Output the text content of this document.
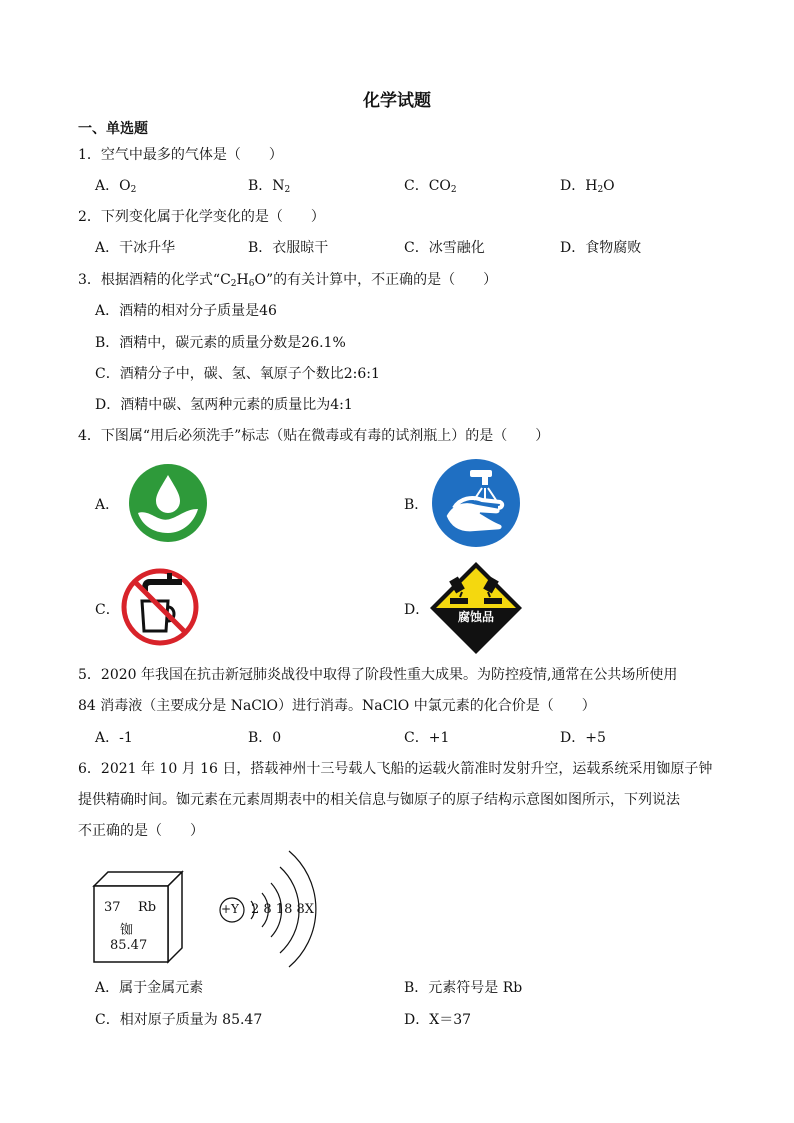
化学试题
一、单选题
1．空气中最多的气体是（　　）
A．$O_2$	B．$N_2$	C．$CO_2$	D．$H_2O$
2．下列变化属于化学变化的是（　　）
A．干冰升华	B．衣服晾干	C．冰雪融化	D．食物腐败
3．根据酒精的化学式“$C_2H_6O$”的有关计算中，不正确的是（　　）
A．酒精的相对分子质量是46
B．酒精中，碳元素的质量分数是26.1%
C．酒精分子中，碳、氢、氧原子个数比2:6:1
D．酒精中碳、氢两种元素的质量比为4:1
4．下图属“用后必须洗手”标志（贴在微毒或有毒的试剂瓶上）的是（　　）
A．	B．
C．	D．	腐蚀品
5．2020 年我国在抗击新冠肺炎战役中取得了阶段性重大成果。为防控疫情,通常在公共场所使用
84 消毒液（主要成分是 NaClO）进行消毒。NaClO 中氯元素的化合价是（　　）
A．-1	B．0	C．+1	D．+5
6．2021 年 10 月 16 日，搭载神州十三号载人飞船的运载火箭准时发射升空，运载系统采用铷原子钟
提供精确时间。铷元素在元素周期表中的相关信息与铷原子的原子结构示意图如图所示，下列说法
不正确的是（　　）
37 Rb
铷
85.47
+Y 2 8 18 8X
A．属于金属元素	B．元素符号是 Rb
C．相对原子质量为 85.47	D．X＝37
